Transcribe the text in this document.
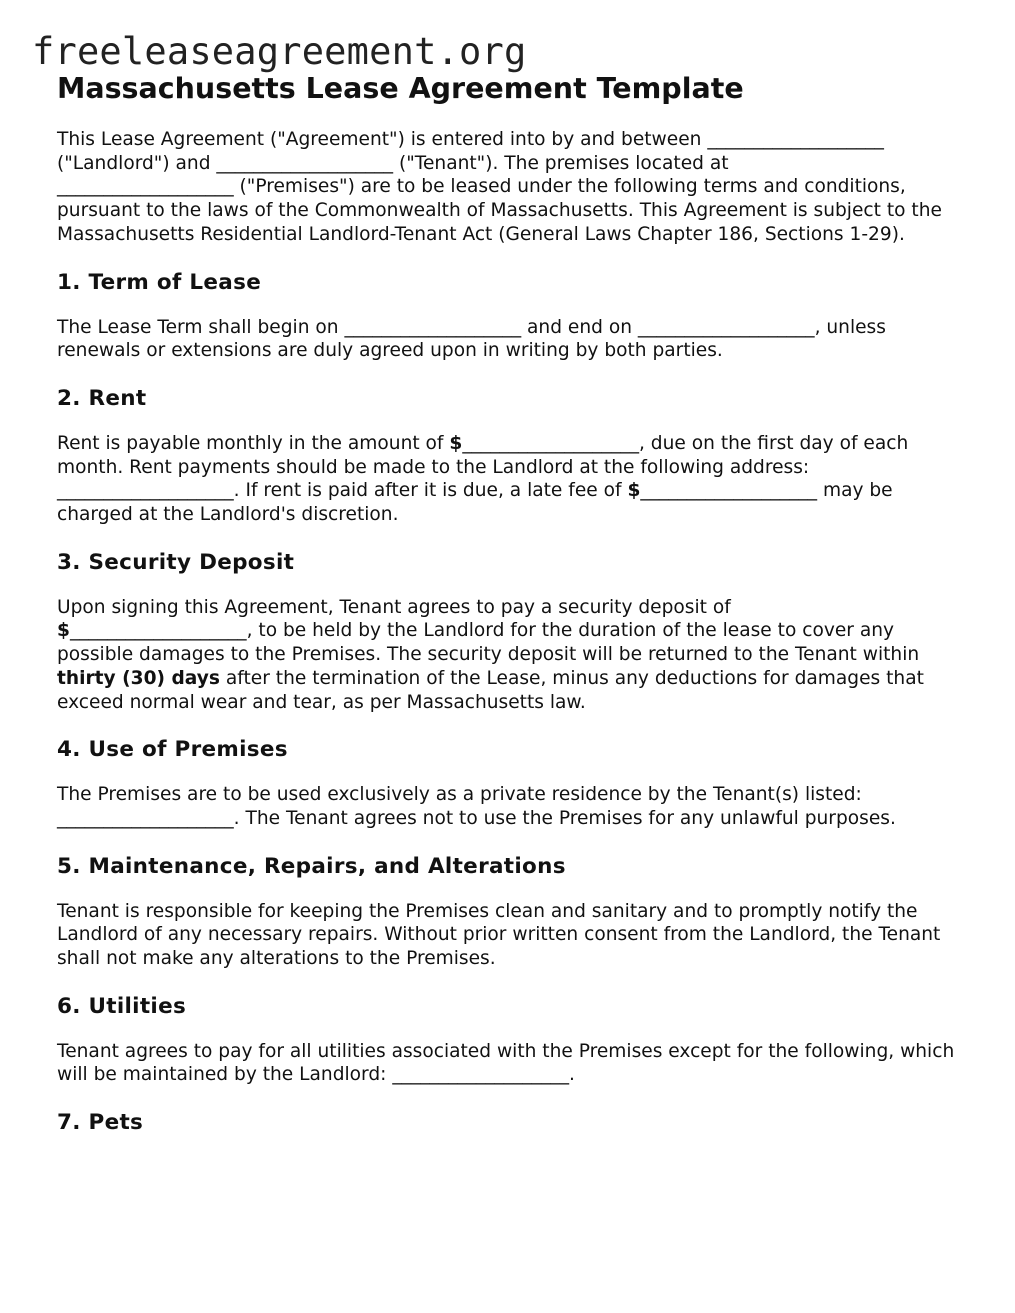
freeleaseagreement.org
Massachusetts Lease Agreement Template

This Lease Agreement ("Agreement") is entered into by and between ___________________ ("Landlord") and ___________________ ("Tenant"). The premises located at
___________________ ("Premises") are to be leased under the following terms and conditions, pursuant to the laws of the Commonwealth of Massachusetts. This Agreement is subject to the Massachusetts Residential Landlord-Tenant Act (General Laws Chapter 186, Sections 1-29).

1. Term of Lease

The Lease Term shall begin on ___________________ and end on ___________________, unless renewals or extensions are duly agreed upon in writing by both parties.

2. Rent

Rent is payable monthly in the amount of $___________________, due on the first day of each month. Rent payments should be made to the Landlord at the following address:
___________________. If rent is paid after it is due, a late fee of $___________________ may be charged at the Landlord's discretion.

3. Security Deposit

Upon signing this Agreement, Tenant agrees to pay a security deposit of
$___________________, to be held by the Landlord for the duration of the lease to cover any possible damages to the Premises. The security deposit will be returned to the Tenant within thirty (30) days after the termination of the Lease, minus any deductions for damages that exceed normal wear and tear, as per Massachusetts law.

4. Use of Premises

The Premises are to be used exclusively as a private residence by the Tenant(s) listed:
___________________. The Tenant agrees not to use the Premises for any unlawful purposes.

5. Maintenance, Repairs, and Alterations

Tenant is responsible for keeping the Premises clean and sanitary and to promptly notify the Landlord of any necessary repairs. Without prior written consent from the Landlord, the Tenant shall not make any alterations to the Premises.

6. Utilities

Tenant agrees to pay for all utilities associated with the Premises except for the following, which will be maintained by the Landlord: ___________________.

7. Pets
